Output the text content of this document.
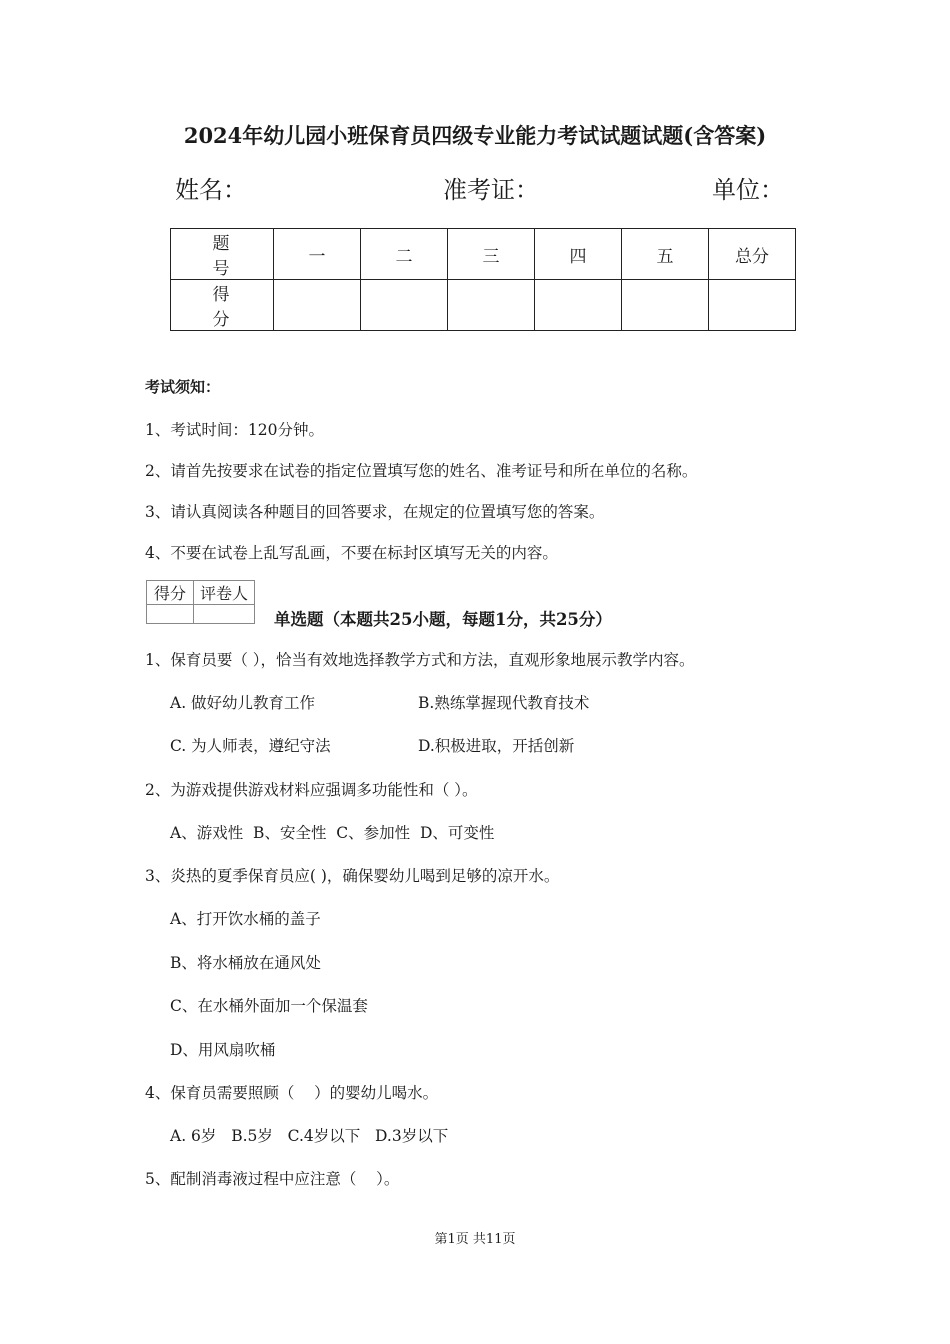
2024年幼儿园小班保育员四级专业能力考试试题试题(含答案)
姓名：	准考证：	单位：
题 号	一	二	三	四	五	总分
得 分						
考试须知：
1、考试时间：120分钟。
2、请首先按要求在试卷的指定位置填写您的姓名、准考证号和所在单位的名称。
3、请认真阅读各种题目的回答要求，在规定的位置填写您的答案。
4、不要在试卷上乱写乱画，不要在标封区填写无关的内容。
得分	评卷人

单选题（本题共25小题，每题1分，共25分）
1、保育员要（ ），恰当有效地选择教学方式和方法，直观形象地展示教学内容。
A. 做好幼儿教育工作	B.熟练掌握现代教育技术
C. 为人师表，遵纪守法	D.积极进取，开括创新
2、为游戏提供游戏材料应强调多功能性和（ ）。
A、游戏性  B、安全性  C、参加性  D、可变性
3、炎热的夏季保育员应( )，确保婴幼儿喝到足够的凉开水。
A、打开饮水桶的盖子
B、将水桶放在通风处
C、在水桶外面加一个保温套
D、用风扇吹桶
4、保育员需要照顾（    ）的婴幼儿喝水。
A. 6岁   B.5岁   C.4岁以下   D.3岁以下
5、配制消毒液过程中应注意（    ）。
第1页 共11页
